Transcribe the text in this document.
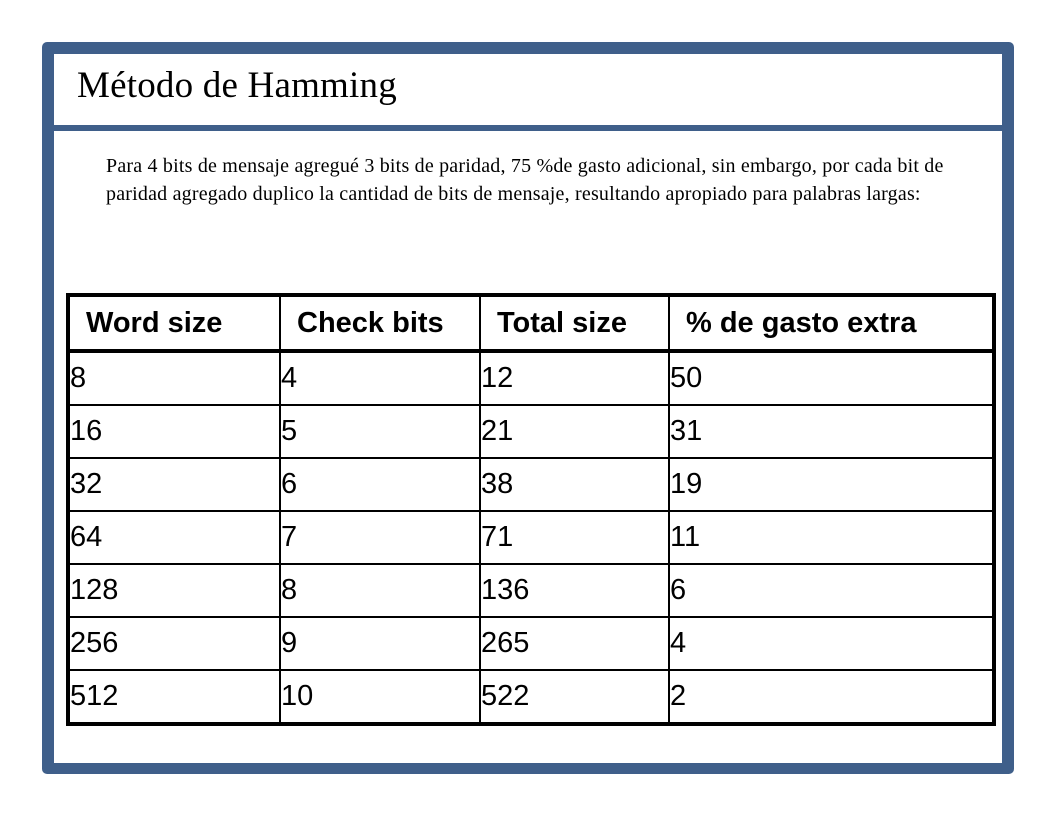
Método de Hamming

Para 4 bits de mensaje agregué 3 bits de paridad, 75 %de gasto adicional, sin embargo, por cada bit de paridad agregado duplico la cantidad de bits de mensaje, resultando apropiado para palabras largas:

Word size	Check bits	Total size	% de gasto extra
8	4	12	50
16	5	21	31
32	6	38	19
64	7	71	11
128	8	136	6
256	9	265	4
512	10	522	2
